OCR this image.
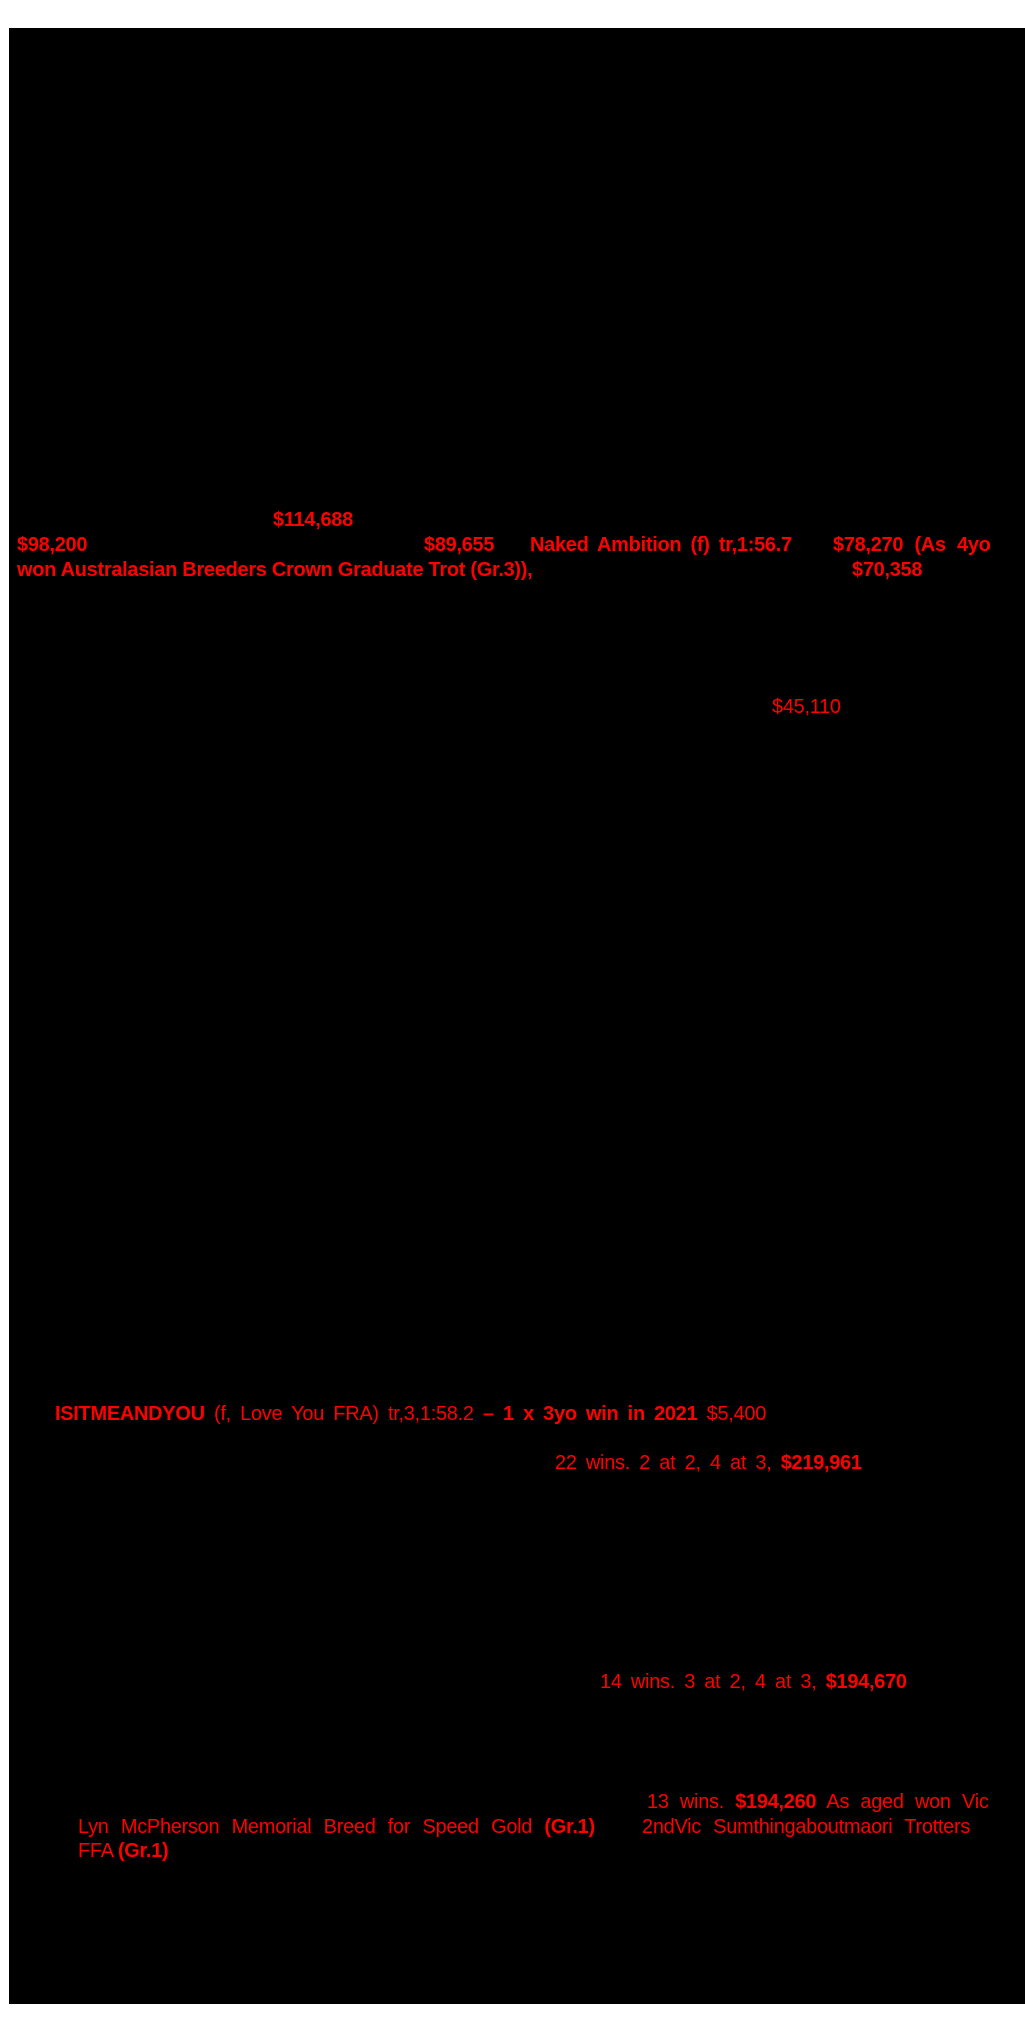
$114,688
$98,200	$89,655 Naked Ambition (f) tr,1:56.7 $78,270 (As 4yo
won Australasian Breeders Crown Graduate Trot (Gr.3)),	$70,358
$45,110
ISITMEANDYOU (f, Love You FRA) tr,3,1:58.2 – 1 x 3yo win in 2021 $5,400
22 wins. 2 at 2, 4 at 3, $219,961
14 wins. 3 at 2, 4 at 3, $194,670
13 wins. $194,260 As aged won Vic
Lyn McPherson Memorial Breed for Speed Gold (Gr.1) 2ndVic Sumthingaboutmaori Trotters
FFA (Gr.1)
